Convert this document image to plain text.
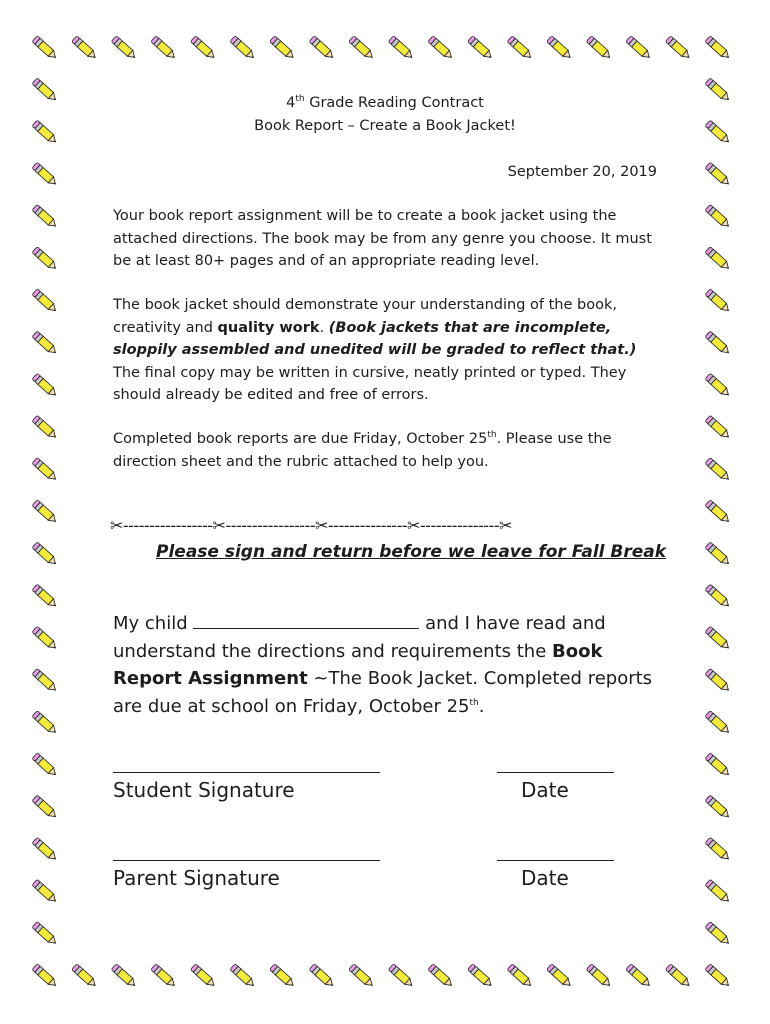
4th Grade Reading Contract

Book Report – Create a Book Jacket!

September 20, 2019

Your book report assignment will be to create a book jacket using the attached directions. The book may be from any genre you choose. It must be at least 80+ pages and of an appropriate reading level.

The book jacket should demonstrate your understanding of the book, creativity and quality work. (Book jackets that are incomplete, sloppily assembled and unedited will be graded to reflect that.) The final copy may be written in cursive, neatly printed or typed. They should already be edited and free of errors.

Completed book reports are due Friday, October 25th. Please use the direction sheet and the rubric attached to help you.

✂-----------------✂-----------------✂---------------✂---------------✂
Please sign and return before we leave for Fall Break

My child	and I have read and understand the directions and requirements the Book Report Assignment ~The Book Jacket. Completed reports are due at school on Friday, October 25th.

Student Signature	Date
Parent Signature	Date
